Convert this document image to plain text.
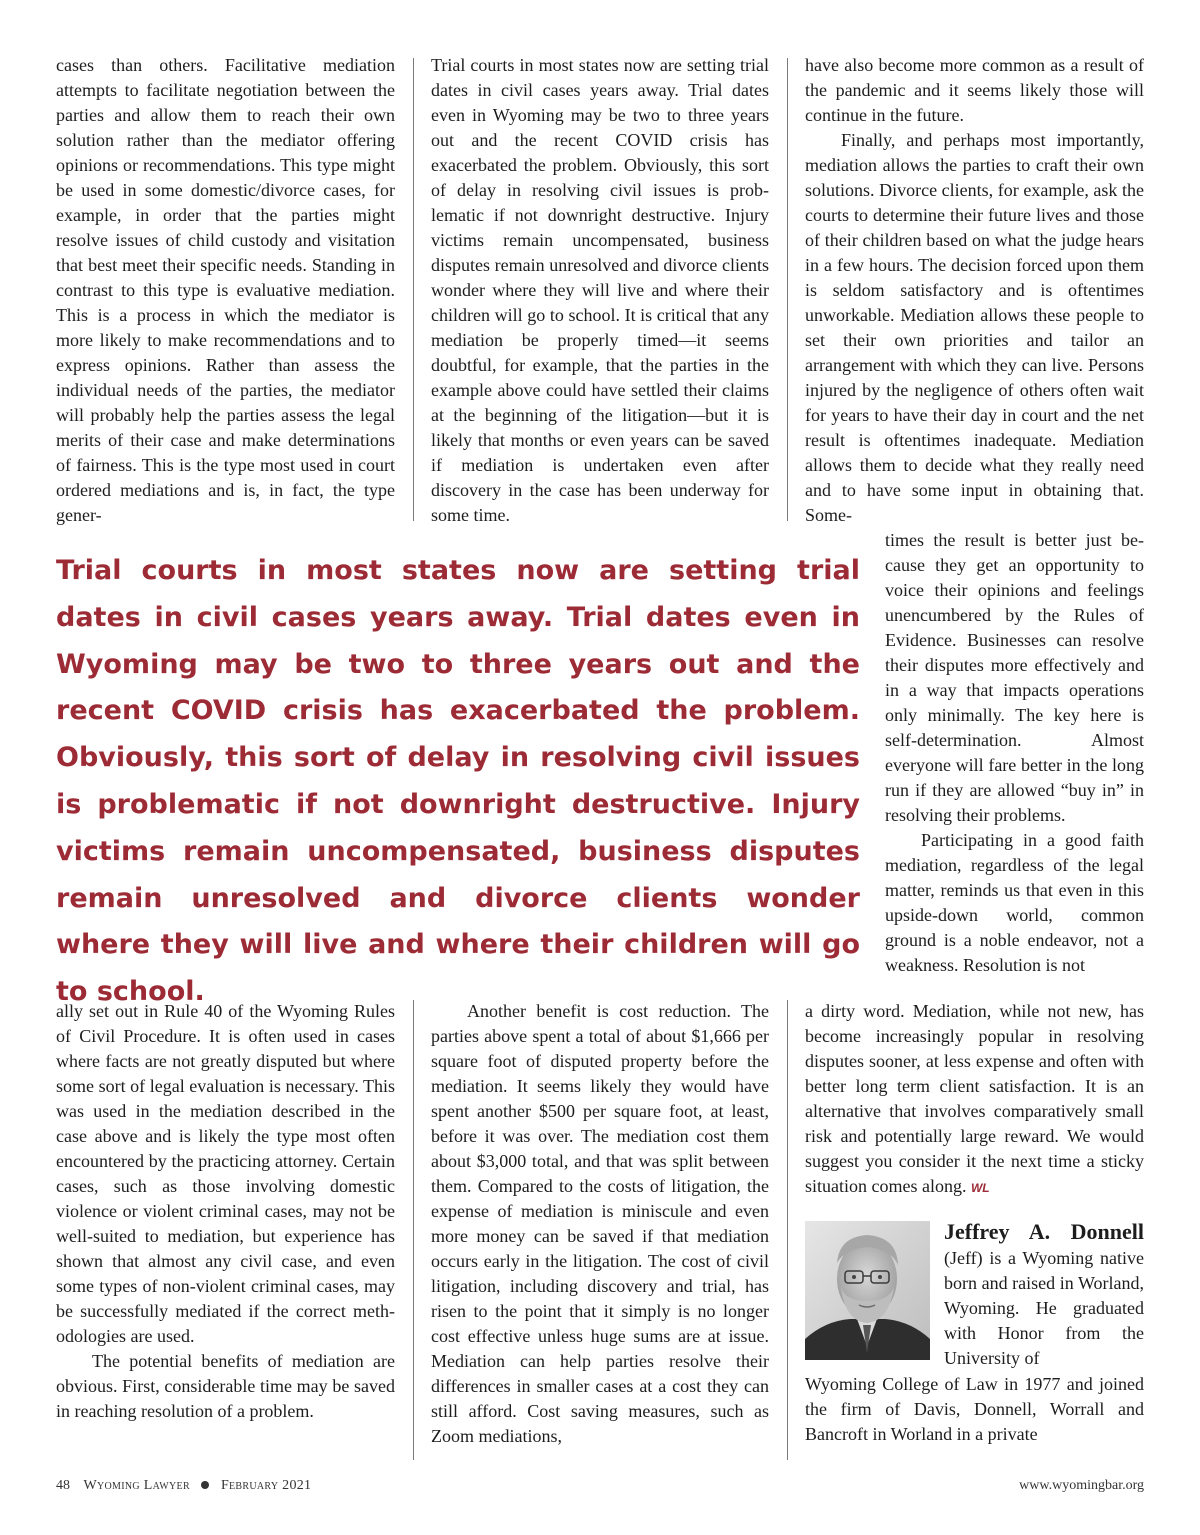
cases than others. Facilitative mediation attempts to facilitate negotiation between the parties and allow them to reach their own solution rather than the mediator offering opinions or recommendations. This type might be used in some domestic/divorce cases, for example, in order that the parties might resolve issues of child custody and visitation that best meet their specific needs. Standing in contrast to this type is evaluative mediation. This is a process in which the mediator is more likely to make recommendations and to express opinions. Rather than assess the individual needs of the parties, the mediator will probably help the parties assess the legal merits of their case and make determinations of fairness. This is the type most used in court ordered mediations and is, in fact, the type gener-

Trial courts in most states now are setting trial dates in civil cases years away. Trial dates even in Wyoming may be two to three years out and the recent COVID crisis has exacerbated the problem. Obviously, this sort of delay in resolving civil issues is problematic if not downright destructive. Injury victims remain uncompensated, business disputes remain unresolved and divorce clients wonder where they will live and where their children will go to school. It is critical that any mediation be properly timed—it seems doubtful, for example, that the parties in the example above could have settled their claims at the beginning of the litigation—but it is likely that months or even years can be saved if mediation is undertaken even after discovery in the case has been underway for some time.

have also become more common as a result of the pandemic and it seems likely those will continue in the future.

Finally, and perhaps most importantly, mediation allows the parties to craft their own solutions. Divorce clients, for example, ask the courts to determine their future lives and those of their children based on what the judge hears in a few hours. The decision forced upon them is seldom satisfactory and is oftentimes unworkable. Mediation allows these people to set their own priorities and tailor an arrangement with which they can live. Persons injured by the negligence of others often wait for years to have their day in court and the net result is oftentimes inadequate. Mediation allows them to decide what they really need and to have some input in obtaining that. Some-

times the result is better just because they get an opportunity to voice their opinions and feelings unencumbered by the Rules of Evidence. Businesses can resolve their disputes more effectively and in a way that impacts operations only minimally. The key here is self-determination. Almost everyone will fare better in the long run if they are allowed “buy in” in resolving their problems.

Participating in a good faith mediation, regardless of the legal matter, reminds us that even in this upside-down world, common ground is a noble endeavor, not a weakness. Resolution is not

Trial courts in most states now are setting trial dates in civil cases years away. Trial dates even in Wyoming may be two to three years out and the recent COVID crisis has exacerbated the problem. Obviously, this sort of delay in resolving civil issues is problematic if not downright destructive. Injury victims remain uncompensated, business disputes remain unresolved and divorce clients wonder where they will live and where their children will go to school.

ally set out in Rule 40 of the Wyoming Rules of Civil Procedure. It is often used in cases where facts are not greatly disputed but where some sort of legal evaluation is necessary. This was used in the mediation described in the case above and is likely the type most often encountered by the practicing attorney. Certain cases, such as those involving domestic violence or violent criminal cases, may not be well-suited to mediation, but experience has shown that almost any civil case, and even some types of non-violent criminal cases, may be successfully mediated if the correct methodologies are used.

The potential benefits of mediation are obvious. First, considerable time may be saved in reaching resolution of a problem.

Another benefit is cost reduction. The parties above spent a total of about $1,666 per square foot of disputed property before the mediation. It seems likely they would have spent another $500 per square foot, at least, before it was over. The mediation cost them about $3,000 total, and that was split between them. Compared to the costs of litigation, the expense of mediation is miniscule and even more money can be saved if that mediation occurs early in the litigation. The cost of civil litigation, including discovery and trial, has risen to the point that it simply is no longer cost effective unless huge sums are at issue. Mediation can help parties resolve their differences in smaller cases at a cost they can still afford. Cost saving measures, such as Zoom mediations,

a dirty word. Mediation, while not new, has become increasingly popular in resolving disputes sooner, at less expense and often with better long term client satisfaction. It is an alternative that involves comparatively small risk and potentially large reward. We would suggest you consider it the next time a sticky situation comes along. WL

Jeffrey A. Donnell (Jeff) is a Wyoming native born and raised in Worland, Wyoming. He graduated with Honor from the University of

Wyoming College of Law in 1977 and joined the firm of Davis, Donnell, Worrall and Bancroft in Worland in a private

48 Wyoming Lawyer February 2021	www.wyomingbar.org
